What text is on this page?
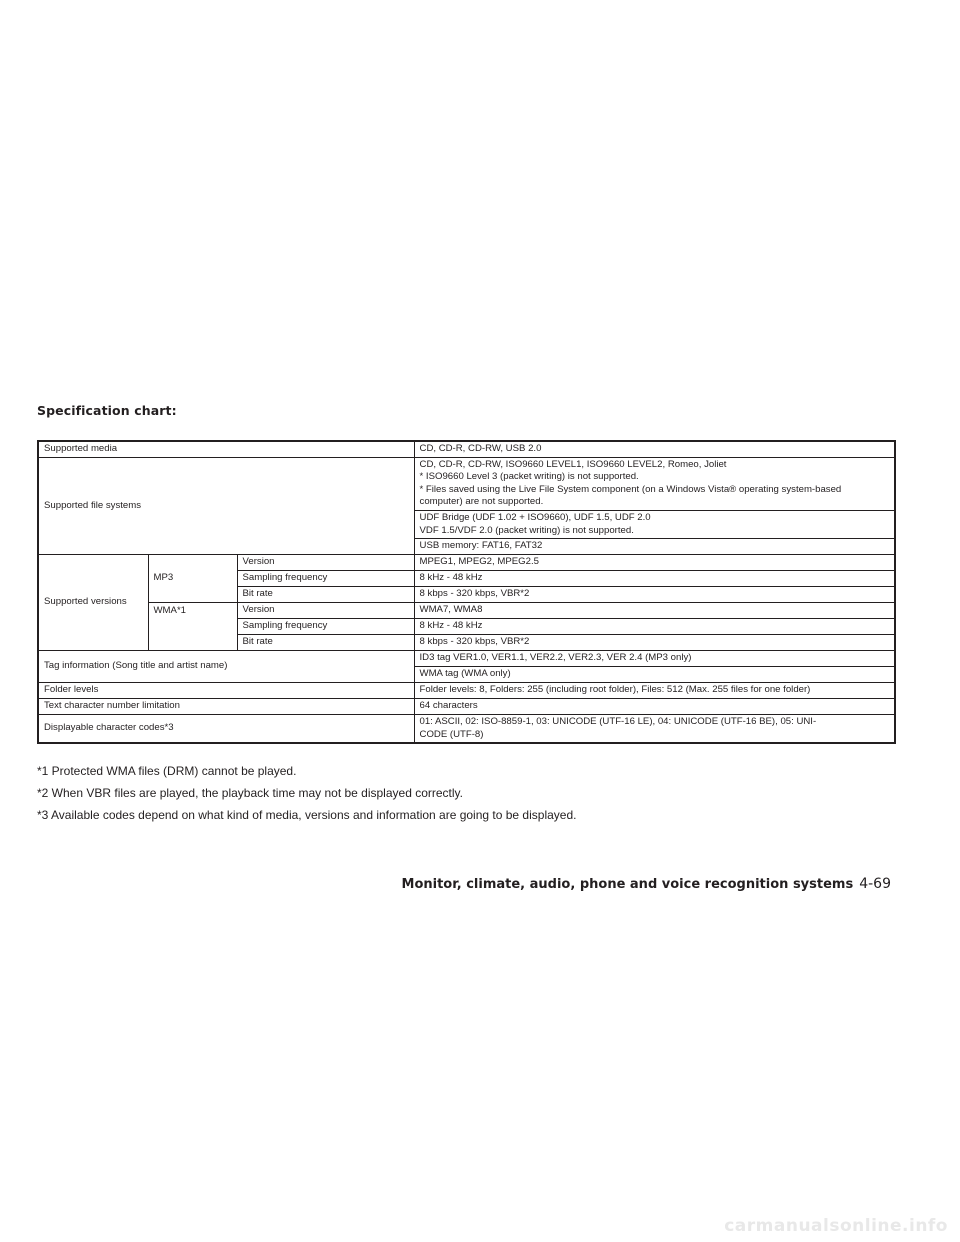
Specification chart:
Supported media			CD, CD-R, CD-RW, USB 2.0
Supported file systems			CD, CD-R, CD-RW, ISO9660 LEVEL1, ISO9660 LEVEL2, Romeo, Joliet
* ISO9660 Level 3 (packet writing) is not supported.
* Files saved using the Live File System component (on a Windows Vista® operating system-based
computer) are not supported.

			UDF Bridge (UDF 1.02 + ISO9660), UDF 1.5, UDF 2.0
VDF 1.5/VDF 2.0 (packet writing) is not supported.

			USB memory: FAT16, FAT32
Supported versions	MP3	Version	MPEG1, MPEG2, MPEG2.5
		Sampling frequency	8 kHz - 48 kHz
		Bit rate	8 kbps - 320 kbps, VBR*2
	WMA*1	Version	WMA7, WMA8
		Sampling frequency	8 kHz - 48 kHz
		Bit rate	8 kbps - 320 kbps, VBR*2
Tag information (Song title and artist name)			ID3 tag VER1.0, VER1.1, VER2.2, VER2.3, VER 2.4 (MP3 only)
			WMA tag (WMA only)
Folder levels			Folder levels: 8, Folders: 255 (including root folder), Files: 512 (Max. 255 files for one folder)
Text character number limitation			64 characters
Displayable character codes*3			01: ASCII, 02: ISO-8859-1, 03: UNICODE (UTF-16 LE), 04: UNICODE (UTF-16 BE), 05: UNI-
CODE (UTF-8)

*1 Protected WMA files (DRM) cannot be played.

*2 When VBR files are played, the playback time may not be displayed correctly.

*3 Available codes depend on what kind of media, versions and information are going to be displayed.

Monitor, climate, audio, phone and voice recognition systems 4-69
carmanualsonline.info
